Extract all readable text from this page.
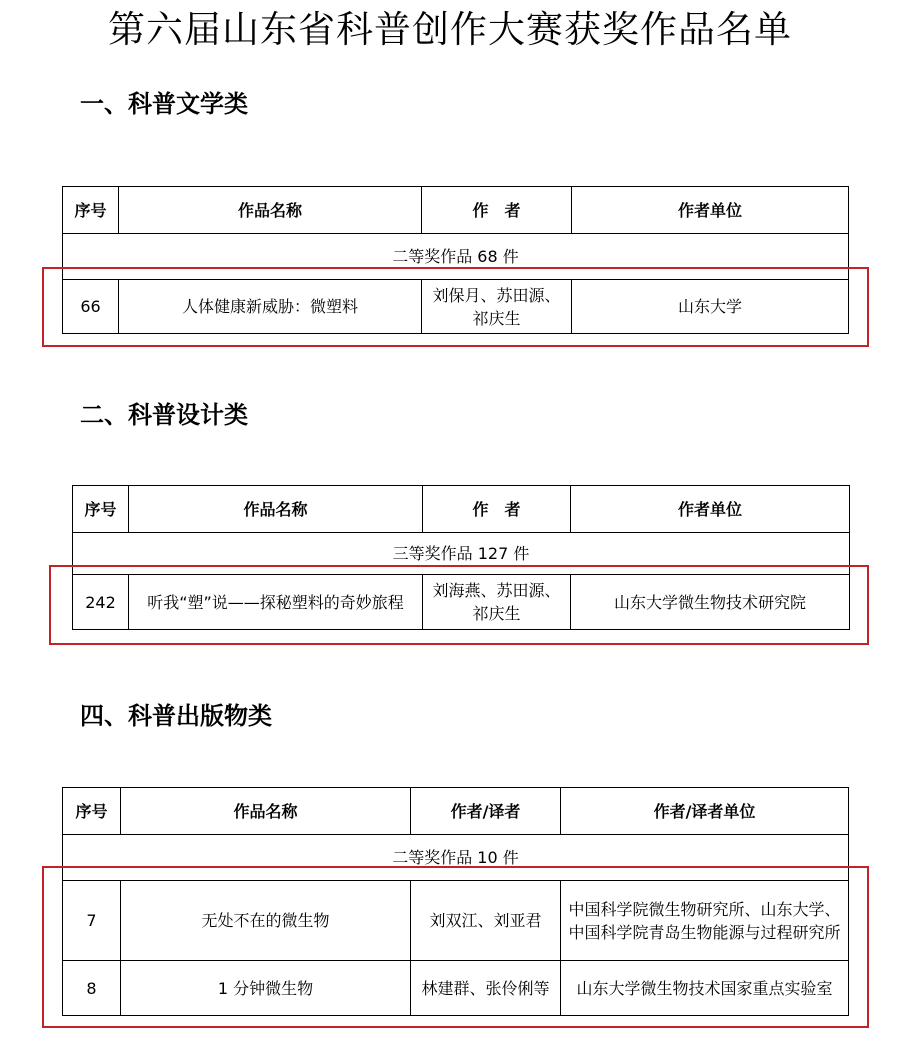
第六届山东省科普创作大赛获奖作品名单
一、科普文学类
序号	作品名称	作　者	作者单位
二等奖作品 68 件			
66	人体健康新威胁：微塑料	刘保月、苏田源、祁庆生	山东大学
二、科普设计类
序号	作品名称	作　者	作者单位
三等奖作品 127 件			
242	听我“塑”说——探秘塑料的奇妙旅程	刘海燕、苏田源、祁庆生	山东大学微生物技术研究院
四、科普出版物类
序号	作品名称	作者/译者	作者/译者单位
二等奖作品 10 件			
7	无处不在的微生物	刘双江、刘亚君	中国科学院微生物研究所、山东大学、中国科学院青岛生物能源与过程研究所
8	1 分钟微生物	林建群、张伶俐等	山东大学微生物技术国家重点实验室
